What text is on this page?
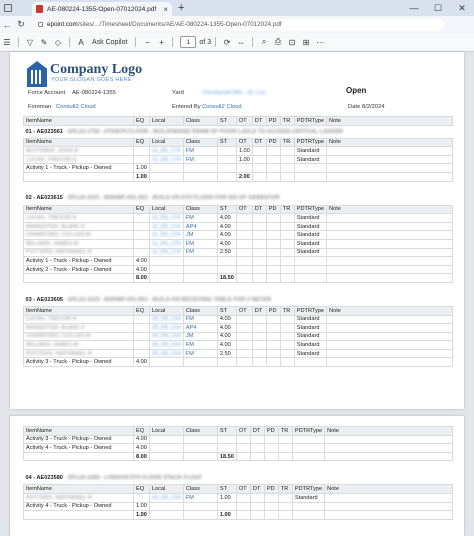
AE-080224-1355-Open-07012024.pdf × +	—	☐	✕
← ↻	epoint.com /sites/.../Timesheet/Documents/AE/AE-080224-1355-Open-07012024.pdf
☰	▽ ✎ ◇	A	Ask Copilot	−	+	1	of 3	⟳ ⇔	⌕	⎙ ⊡ ⊞ ⋯
Company Logo
YOUR SLOGAN GOES HERE
Force Account AE-080224-1355	Yard	Cleveland/Cliffs - St. Lou.	Open
Foreman Consult2 Cloud	Entered By Consult2 Cloud	Date 8/2/2024
ItemName	EQ	Local	Class	ST	OT	DT	PD	TR	PDTRType	Note
01 - AE023561 - SPL24-1759 - 6TH/8TH FLOOR - BUILD/INSIDE DRAW OF POOR LADLE TO ACCESS CRITICAL LADDER										
ItemName	EQ	Local	Class	ST	OT	DT	PD	TR	PDTRType	Note
BUTTIMER, JOHN B		11_D5_174	FM		1.00				Standard	
LUCAS, TREVOR H		11_D5_174	FM		1.00				Standard	
Activity 1 - Truck - Pickup - Owned	1.00									
	1.00				2.00					

02 - AE023615 - SPL24-1631 - 8000WF-001-851 - BUILD ON 6TH FLOOR FOR SDI OF GENRATOR										
ItemName	EQ	Local	Class	ST	OT	DT	PD	TR	PDTRType	Note
LUCAS, TREVOR H		11_D5_174	FM	4.00					Standard	
BANNISTER, BLAKE D		11_D5_174	AP4	4.00					Standard	
CRAWFORD, COLLEN M		11_D5_174	JM	4.00					Standard	
MILLARD, JAMES M		11_D5_174	FM	4.00					Standard	
POTTERS, NATHANIEL R		11_D5_174	FM	2.50					Standard	
Activity 1 - Truck - Pickup - Owned	4.00									
Activity 2 - Truck - Pickup - Owned	4.00									
	8.00			18.50						

03 - AE023605 - SPL24-1629 - 8000WF-001-851 - BUILD ON RECEIVING TABLE FOR 2 METER										
ItemName	EQ	Local	Class	ST	OT	DT	PD	TR	PDTRType	Note
LUCAS, TREVOR H		20_D5_214	FM	4.00					Standard	
BANNISTER, BLAKE D		20_D5_214	AP4	4.00					Standard	
CRAWFORD, COLLEN M		20_D5_214	JM	4.00					Standard	
MILLARD, JAMES M		20_D5_214	FM	4.00					Standard	
POTTERS, NATHANIEL R		20_D5_214	FM	2.50					Standard	
Activity 3 - Truck - Pickup - Owned	4.00									
ItemName	EQ	Local	Class	ST	OT	DT	PD	TR	PDTRType	Note
Activity 3 - Truck - Pickup - Owned	4.00									
Activity 4 - Truck - Pickup - Owned	4.00									
	8.00			18.50						

04 - AE023580 - SPL24-1668 - LONDON 6TH FLOOR STACK FLOAT										
ItemName	EQ	Local	Class	ST	OT	DT	PD	TR	PDTRType	Note
POTTERS, NATHANIEL R		20_D5_214	FM	1.00					Standard	
Activity 4 - Truck - Pickup - Owned	1.00									
	1.00			1.00						
